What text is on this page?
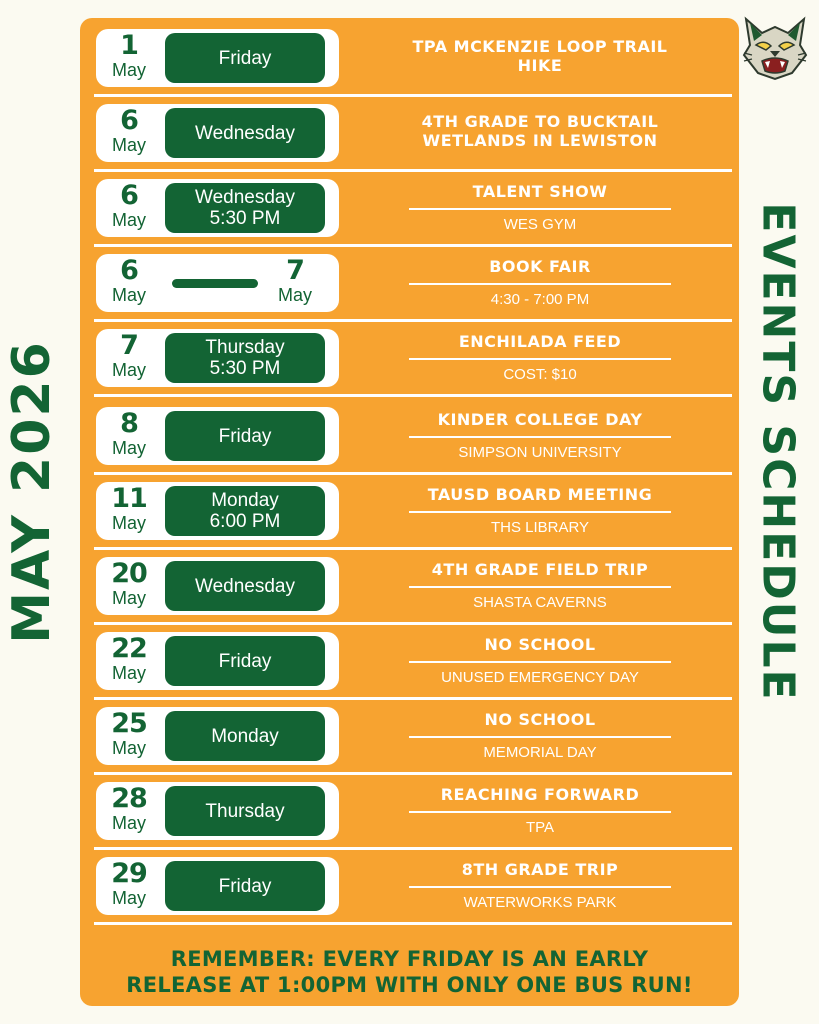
MAY 2026	EVENTS SCHEDULE
1
May
Friday
TPA MCKENZIE LOOP TRAIL HIKE
6
May
Wednesday
4TH GRADE TO BUCKTAIL WETLANDS IN LEWISTON
6
May
Wednesday
5:30 PM
TALENT SHOW
WES GYM
6
May
7
May
BOOK FAIR
4:30 - 7:00 PM
7
May
Thursday
5:30 PM
ENCHILADA FEED
COST: $10
8
May
Friday
KINDER COLLEGE DAY
SIMPSON UNIVERSITY
11
May
Monday
6:00 PM
TAUSD BOARD MEETING
THS LIBRARY
20
May
Wednesday
4TH GRADE FIELD TRIP
SHASTA CAVERNS
22
May
Friday
NO SCHOOL
UNUSED EMERGENCY DAY
25
May
Monday
NO SCHOOL
MEMORIAL DAY
28
May
Thursday
REACHING FORWARD
TPA
29
May
Friday
8TH GRADE TRIP
WATERWORKS PARK
REMEMBER: EVERY FRIDAY IS AN EARLY
RELEASE AT 1:00PM WITH ONLY ONE BUS RUN!
